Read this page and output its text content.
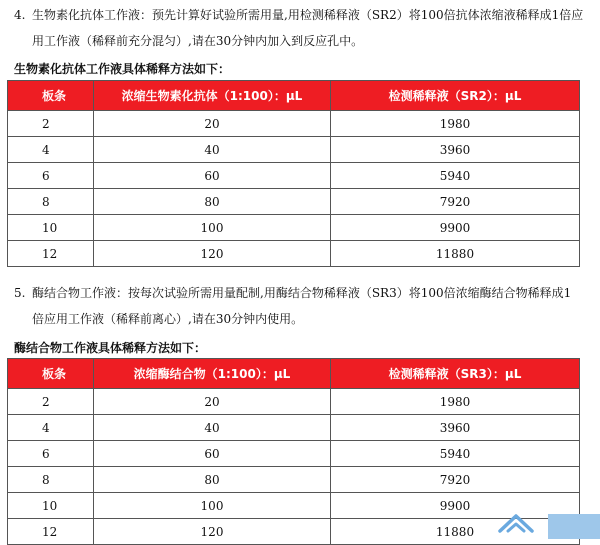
4. 生物素化抗体工作液：预先计算好试验所需用量,用检测稀释液（SR2）将100倍抗体浓缩液稀释成1倍应
用工作液（稀释前充分混匀）,请在30分钟内加入到反应孔中。
生物素化抗体工作液具体稀释方法如下：
板条	浓缩生物素化抗体（1:100）：μL	检测稀释液（SR2）：μL
2	20	1980
4	40	3960
6	60	5940
8	80	7920
10	100	9900
12	120	11880
5. 酶结合物工作液：按每次试验所需用量配制,用酶结合物稀释液（SR3）将100倍浓缩酶结合物稀释成1
倍应用工作液（稀释前离心）,请在30分钟内使用。
酶结合物工作液具体稀释方法如下：
板条	浓缩酶结合物（1:100）：μL	检测稀释液（SR3）：μL
2	20	1980
4	40	3960
6	60	5940
8	80	7920
10	100	9900
12	120	11880
